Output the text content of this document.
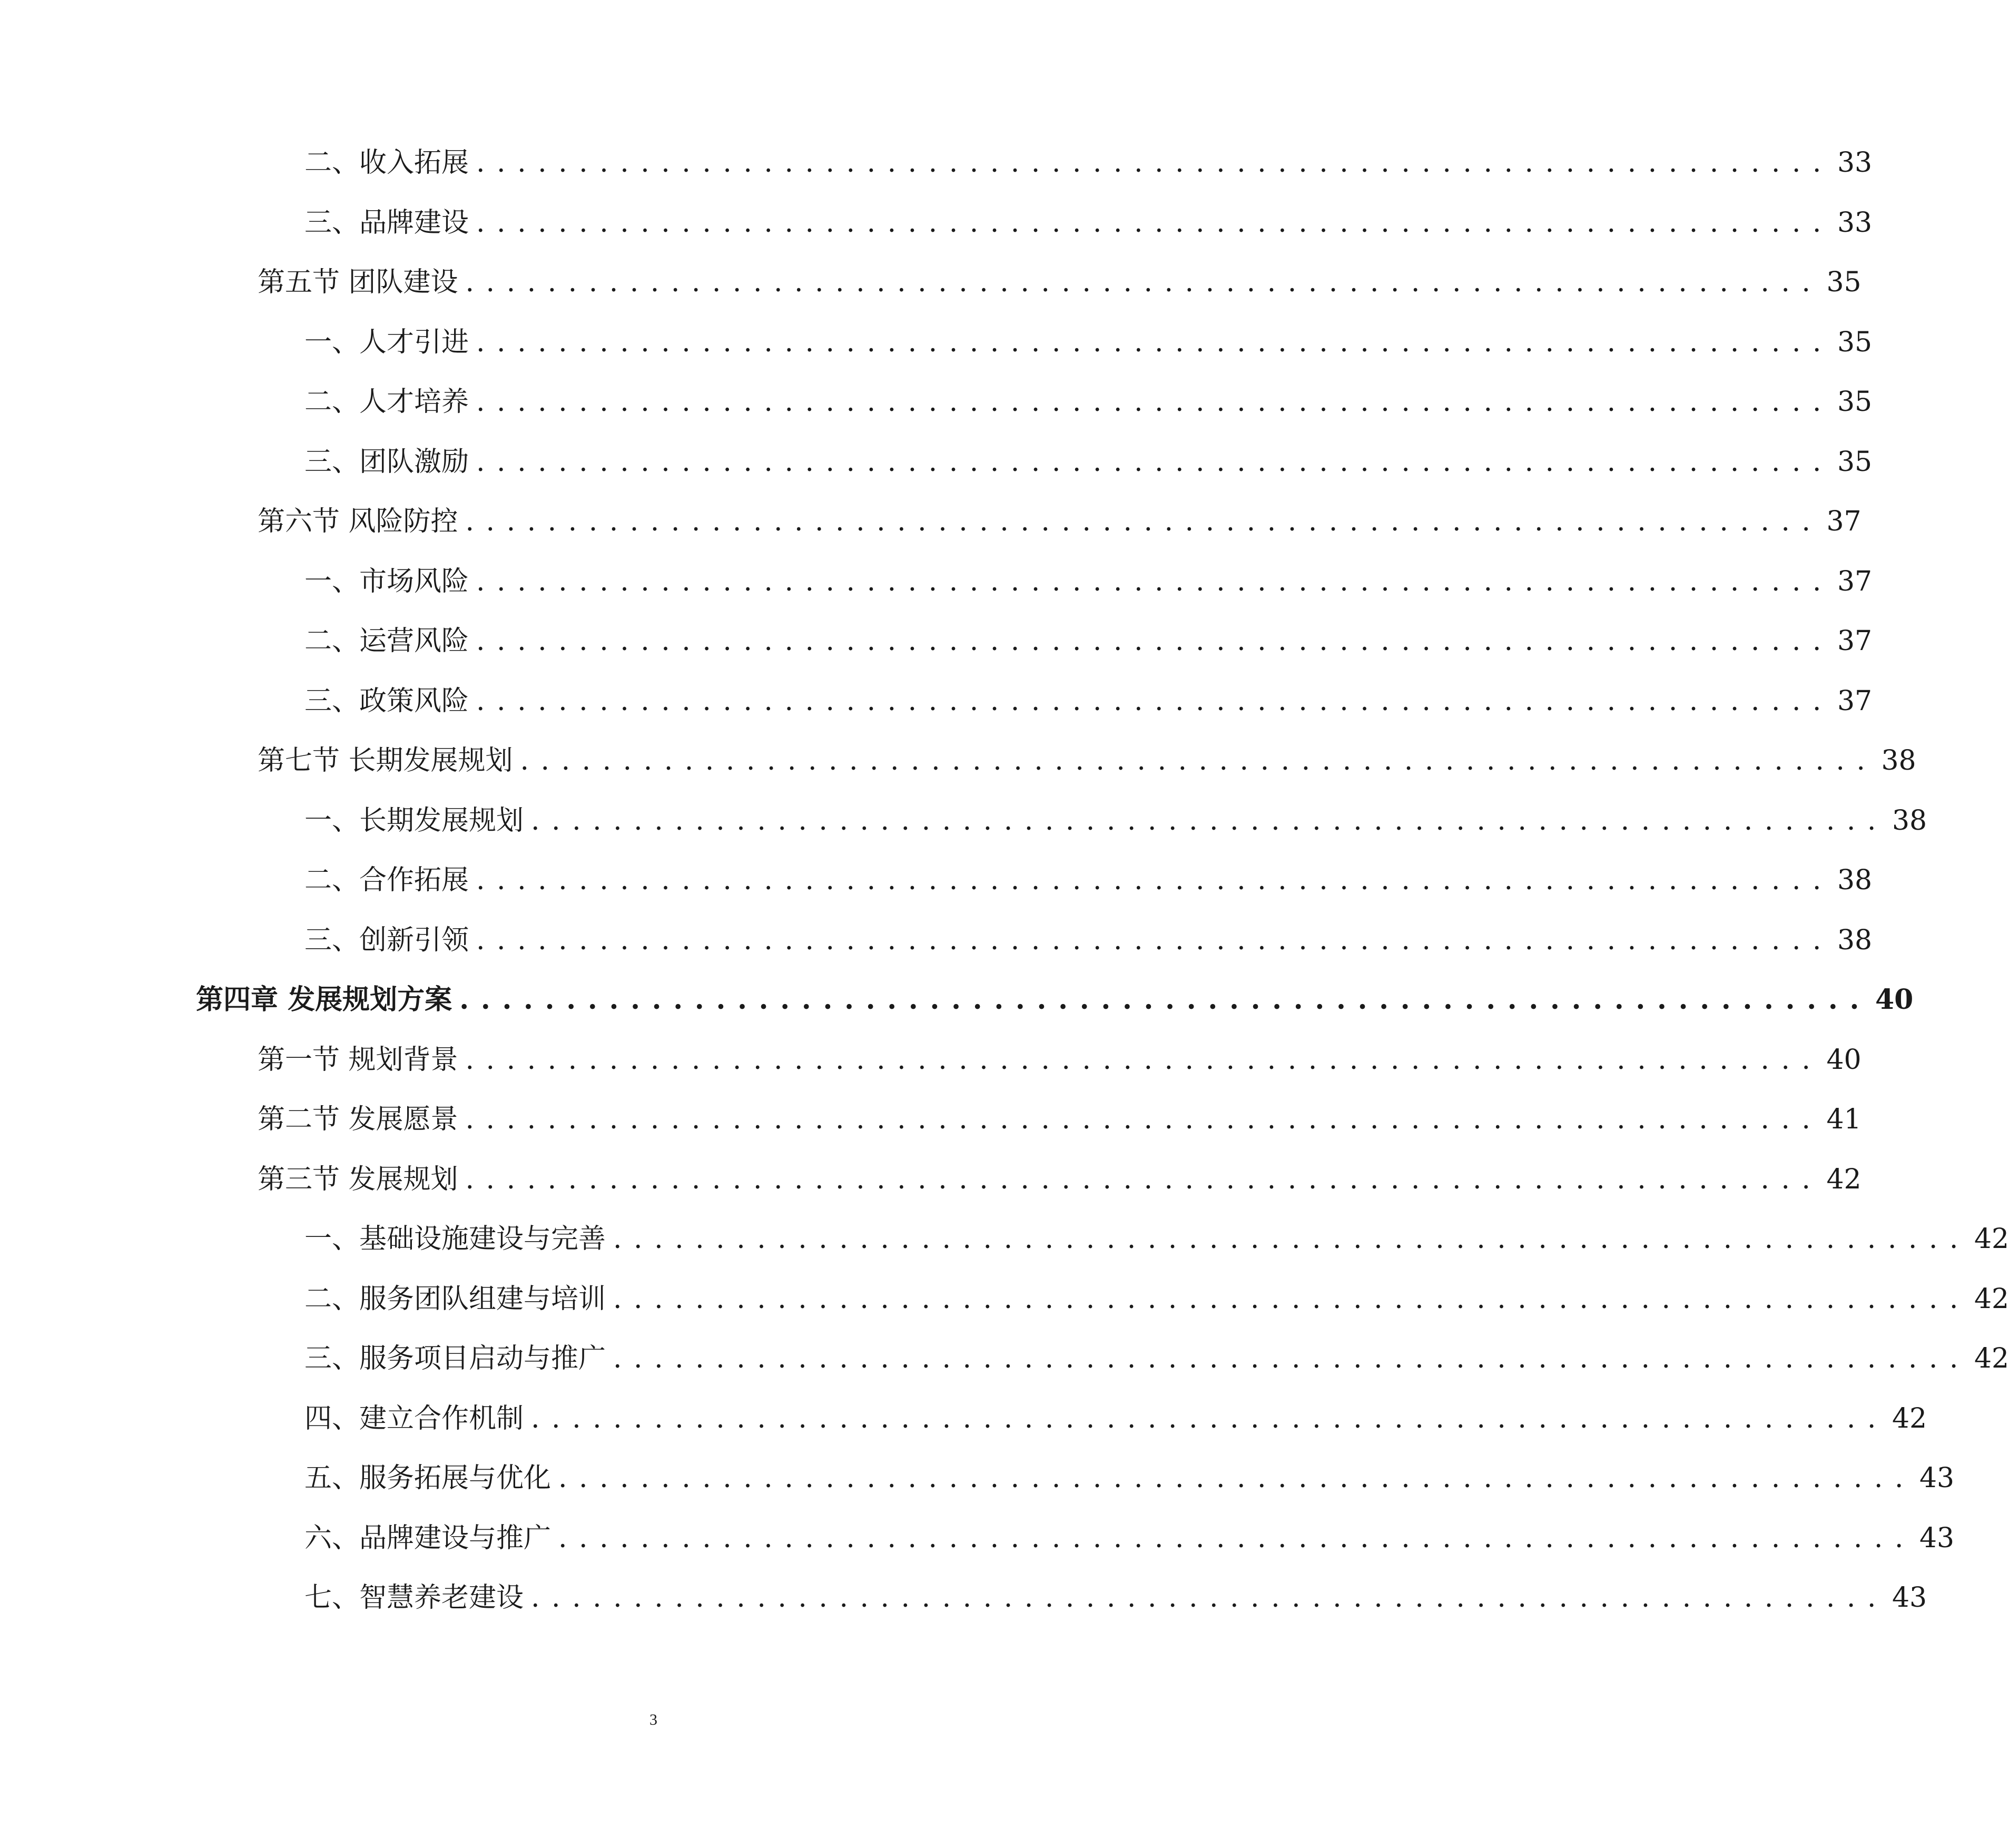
二、收入拓展 .................................................................. 33
三、品牌建设 .................................................................. 33
第五节 团队建设 .................................................................. 35
一、人才引进 .................................................................. 35
二、人才培养 .................................................................. 35
三、团队激励 .................................................................. 35
第六节 风险防控 .................................................................. 37
一、市场风险 .................................................................. 37
二、运营风险 .................................................................. 37
三、政策风险 .................................................................. 37
第七节 长期发展规划 .................................................................. 38
一、长期发展规划 .................................................................. 38
二、合作拓展 .................................................................. 38
三、创新引领 .................................................................. 38
第四章 发展规划方案 .................................................................. 40
第一节 规划背景 .................................................................. 40
第二节 发展愿景 .................................................................. 41
第三节 发展规划 .................................................................. 42
一、基础设施建设与完善 .................................................................. 42
二、服务团队组建与培训 .................................................................. 42
三、服务项目启动与推广 .................................................................. 42
四、建立合作机制 .................................................................. 42
五、服务拓展与优化 .................................................................. 43
六、品牌建设与推广 .................................................................. 43
七、智慧养老建设 .................................................................. 43
3
